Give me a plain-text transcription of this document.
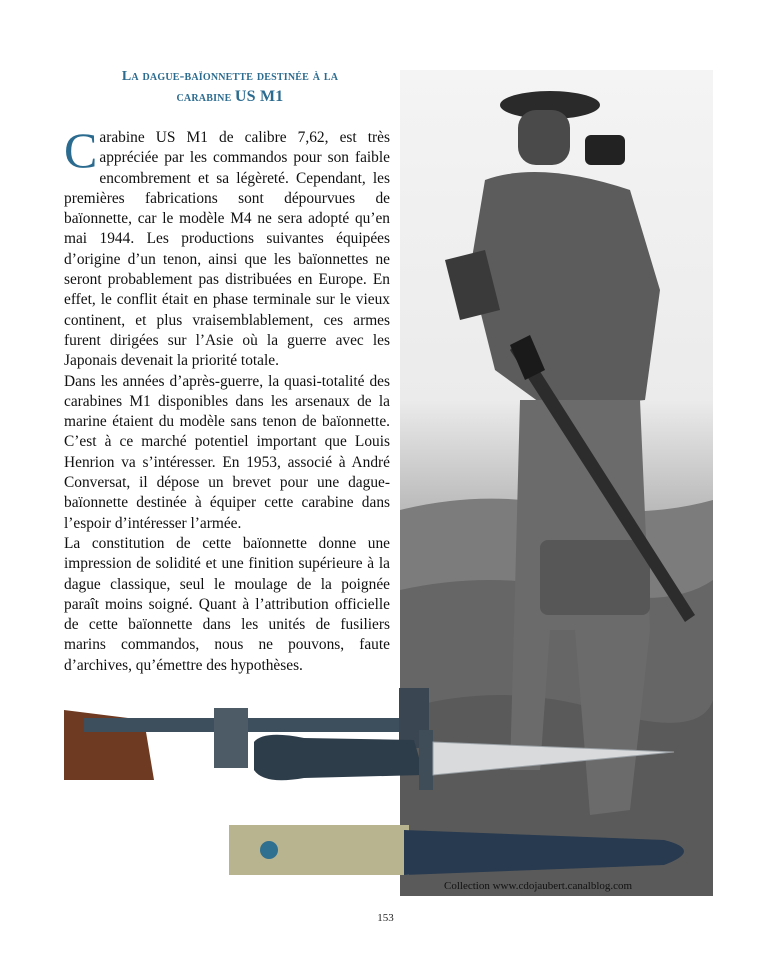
La dague-baïonnette destinée à la
carabine US M1

Carabine US M1 de calibre 7,62, est très appréciée par les commandos pour son faible encombrement et sa légèreté. Cependant, les premières fabrications sont dépourvues de baïonnette, car le modèle M4 ne sera adopté qu’en mai 1944. Les productions suivantes équipées d’origine d’un tenon, ainsi que les baïonnettes ne seront probablement pas distribuées en Europe. En effet, le conflit était en phase terminale sur le vieux continent, et plus vraisemblablement, ces armes furent dirigées sur l’Asie où la guerre avec les Japonais devenait la priorité totale.

Dans les années d’après-guerre, la quasi-totalité des carabines M1 disponibles dans les arsenaux de la marine étaient du modèle sans tenon de baïonnette. C’est à ce marché potentiel important que Louis Henrion va s’intéresser. En 1953, associé à André Conversat, il dépose un brevet pour une dague-baïonnette destinée à équiper cette carabine dans l’espoir d’intéresser l’armée.

La constitution de cette baïonnette donne une impression de solidité et une finition supérieure à la dague classique, seul le moulage de la poignée paraît moins soigné. Quant à l’attribution officielle de cette baïonnette dans les unités de fusiliers marins commandos, nous ne pouvons, faute d’archives, qu’émettre des hypothèses.

Collection www.cdojaubert.canalblog.com
153
